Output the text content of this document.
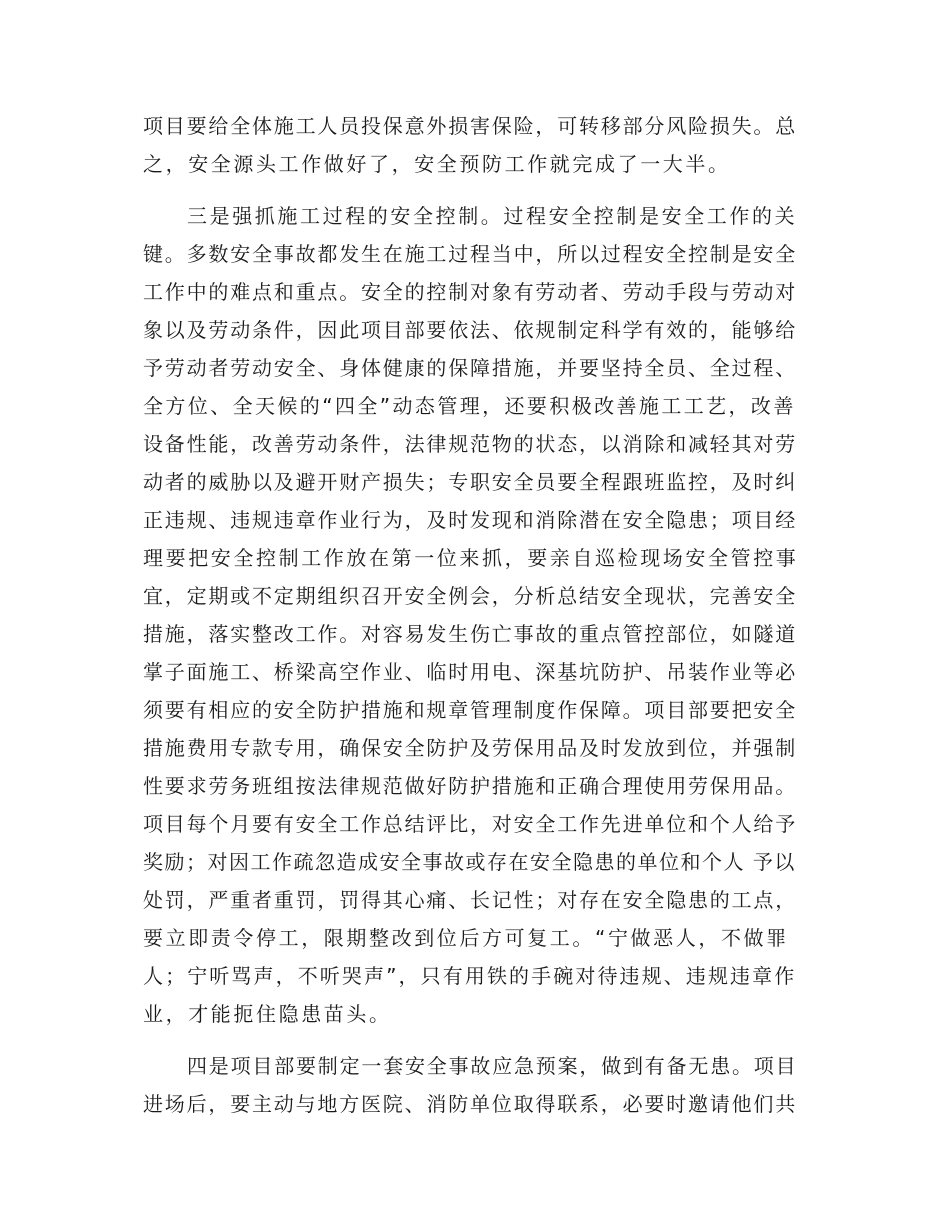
项目要给全体施工人员投保意外损害保险，可转移部分风险损失。总
之，安全源头工作做好了，安全预防工作就完成了一大半。
三是强抓施工过程的安全控制。过程安全控制是安全工作的关
键。多数安全事故都发生在施工过程当中，所以过程安全控制是安全
工作中的难点和重点。安全的控制对象有劳动者、劳动手段与劳动对
象以及劳动条件，因此项目部要依法、依规制定科学有效的，能够给
予劳动者劳动安全、身体健康的保障措施，并要坚持全员、全过程、
全方位、全天候的“四全”动态管理，还要积极改善施工工艺，改善
设备性能，改善劳动条件，法律规范物的状态，以消除和减轻其对劳
动者的威胁以及避开财产损失；专职安全员要全程跟班监控，及时纠
正违规、违规违章作业行为，及时发现和消除潜在安全隐患；项目经
理要把安全控制工作放在第一位来抓，要亲自巡检现场安全管控事
宜，定期或不定期组织召开安全例会，分析总结安全现状，完善安全
措施，落实整改工作。对容易发生伤亡事故的重点管控部位，如隧道
掌子面施工、桥梁高空作业、临时用电、深基坑防护、吊装作业等必
须要有相应的安全防护措施和规章管理制度作保障。项目部要把安全
措施费用专款专用，确保安全防护及劳保用品及时发放到位，并强制
性要求劳务班组按法律规范做好防护措施和正确合理使用劳保用品。
项目每个月要有安全工作总结评比，对安全工作先进单位和个人给予
奖励；对因工作疏忽造成安全事故或存在安全隐患的单位和个人 予以
处罚，严重者重罚，罚得其心痛、长记性；对存在安全隐患的工点，
要立即责令停工，限期整改到位后方可复工。“宁做恶人，不做罪
人；宁听骂声，不听哭声”，只有用铁的手碗对待违规、违规违章作
业，才能扼住隐患苗头。
四是项目部要制定一套安全事故应急预案，做到有备无患。项目
进场后，要主动与地方医院、消防单位取得联系，必要时邀请他们共
